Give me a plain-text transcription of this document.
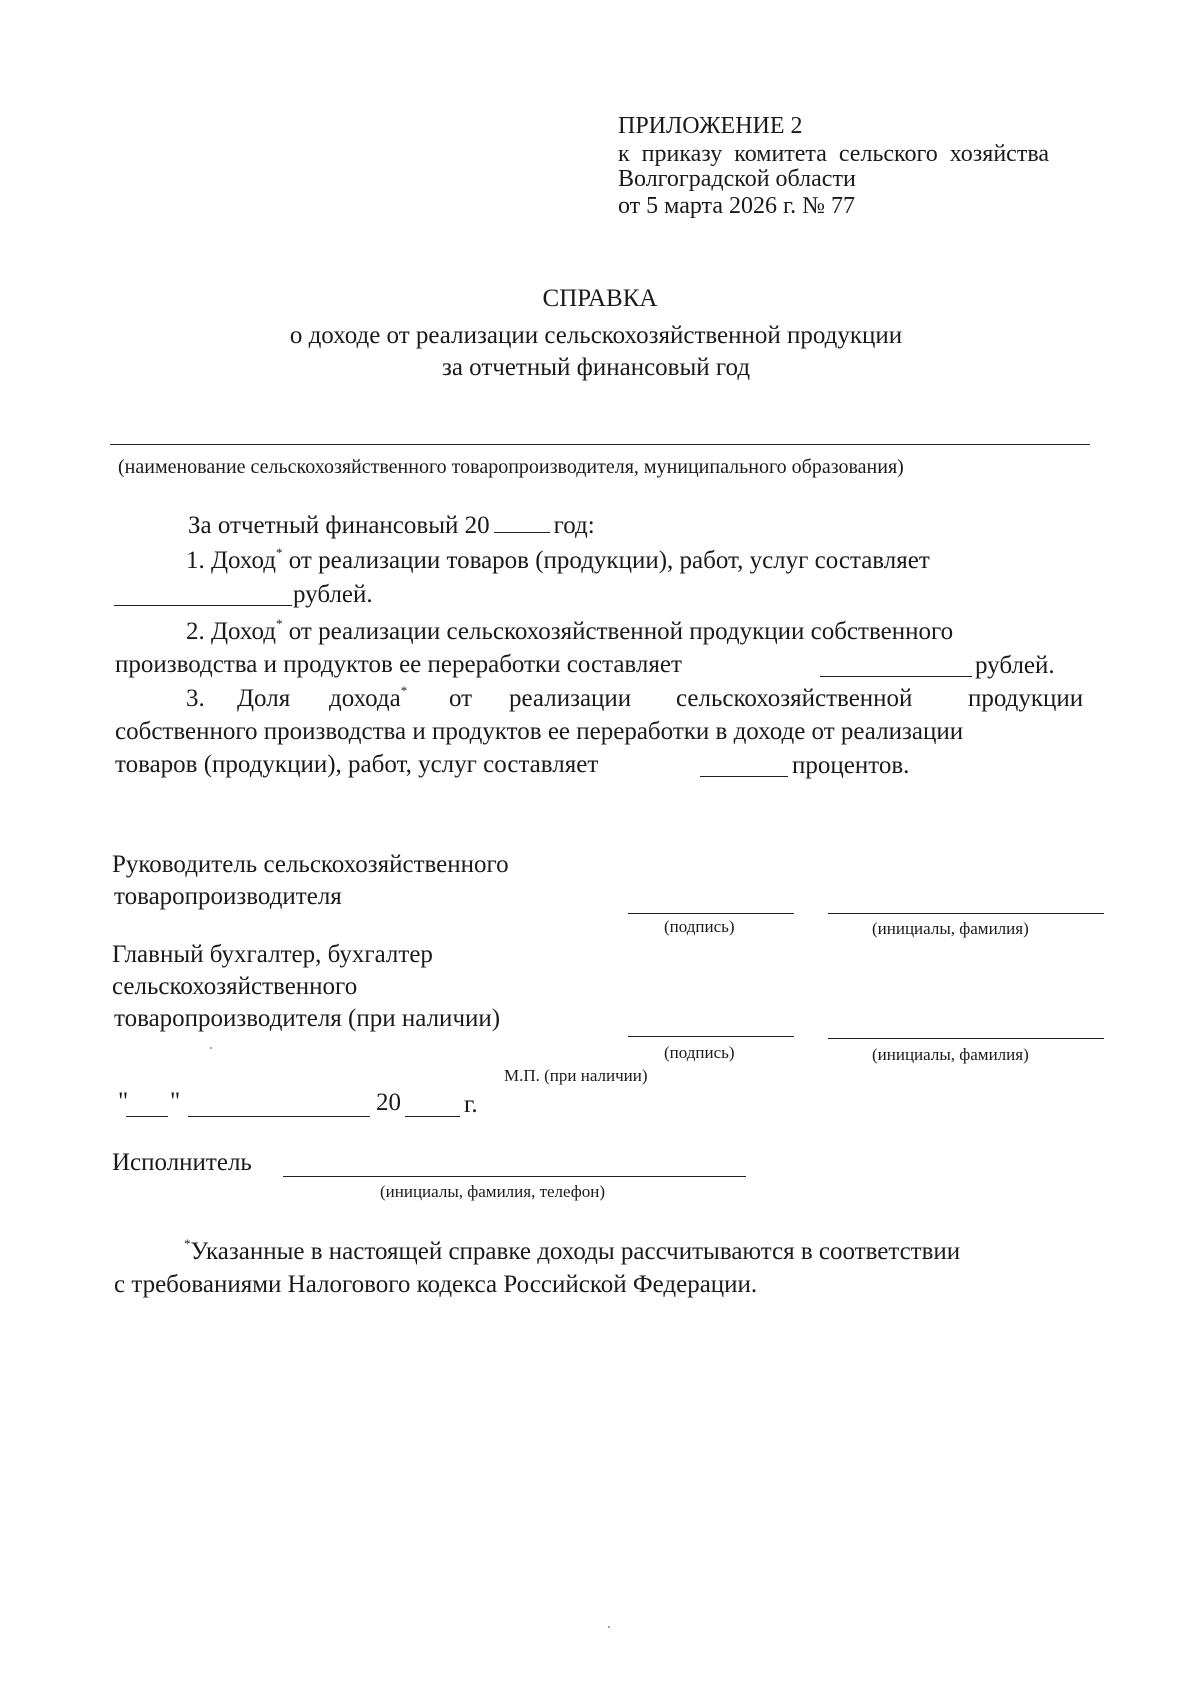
ПРИЛОЖЕНИЕ 2
к приказу комитета сельского хозяйства
Волгоградской области
от 5 марта 2026 г. № 77
СПРАВКА
о доходе от реализации сельскохозяйственной продукции
за отчетный финансовый год
(наименование сельскохозяйственного товаропроизводителя, муниципального образования)
За отчетный финансовый 20	год:
1. Доход* от реализации товаров (продукции), работ, услуг составляет
рублей.
2. Доход* от реализации сельскохозяйственной продукции собственного
производства и продуктов ее переработки составляет	рублей.
3. Доля дохода* от реализации сельскохозяйственной продукции
собственного производства и продуктов ее переработки в доходе от реализации
товаров (продукции), работ, услуг составляет	процентов.
Руководитель сельскохозяйственного
товаропроизводителя
(подпись)	(инициалы, фамилия)
Главный бухгалтер, бухгалтер
сельскохозяйственного
товаропроизводителя (при наличии)
(подпись)	(инициалы, фамилия)
М.П. (при наличии)
" "	20	г.
Исполнитель
(инициалы, фамилия, телефон)
*Указанные в настоящей справке доходы рассчитываются в соответствии
с требованиями Налогового кодекса Российской Федерации.
